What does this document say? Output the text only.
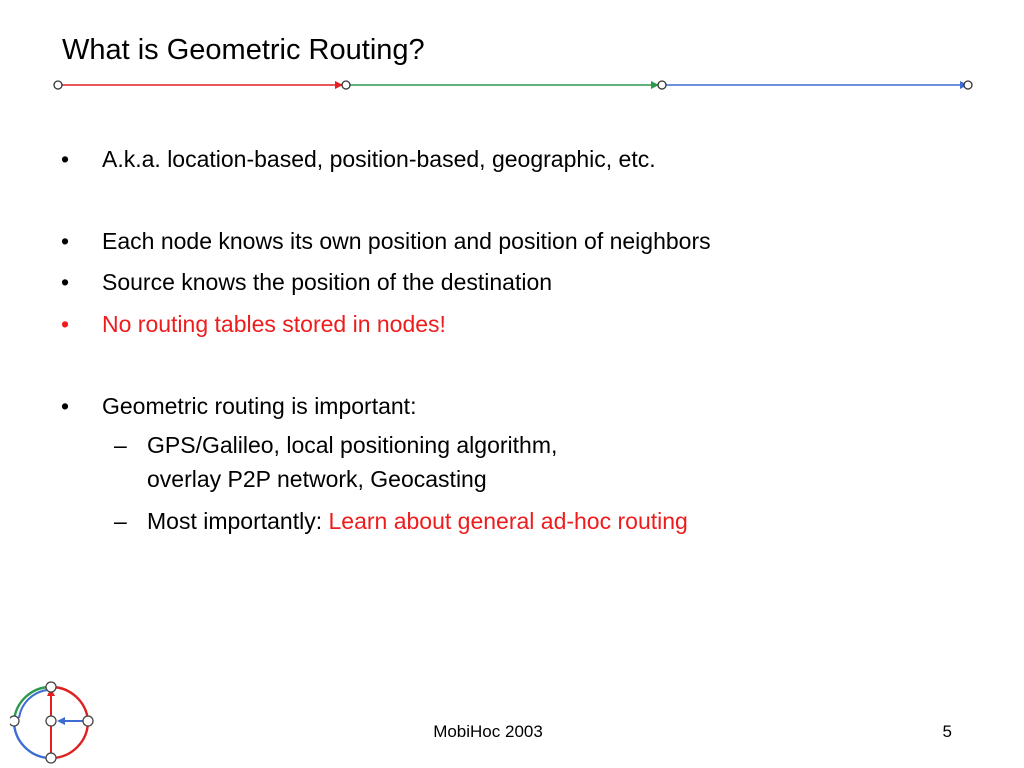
What is Geometric Routing?
• A.k.a. location-based, position-based, geographic, etc.
• Each node knows its own position and position of neighbors
• Source knows the position of the destination
• No routing tables stored in nodes!
• Geometric routing is important:
– GPS/Galileo, local positioning algorithm,
overlay P2P network, Geocasting
– Most importantly: Learn about general ad-hoc routing
MobiHoc 2003	5
